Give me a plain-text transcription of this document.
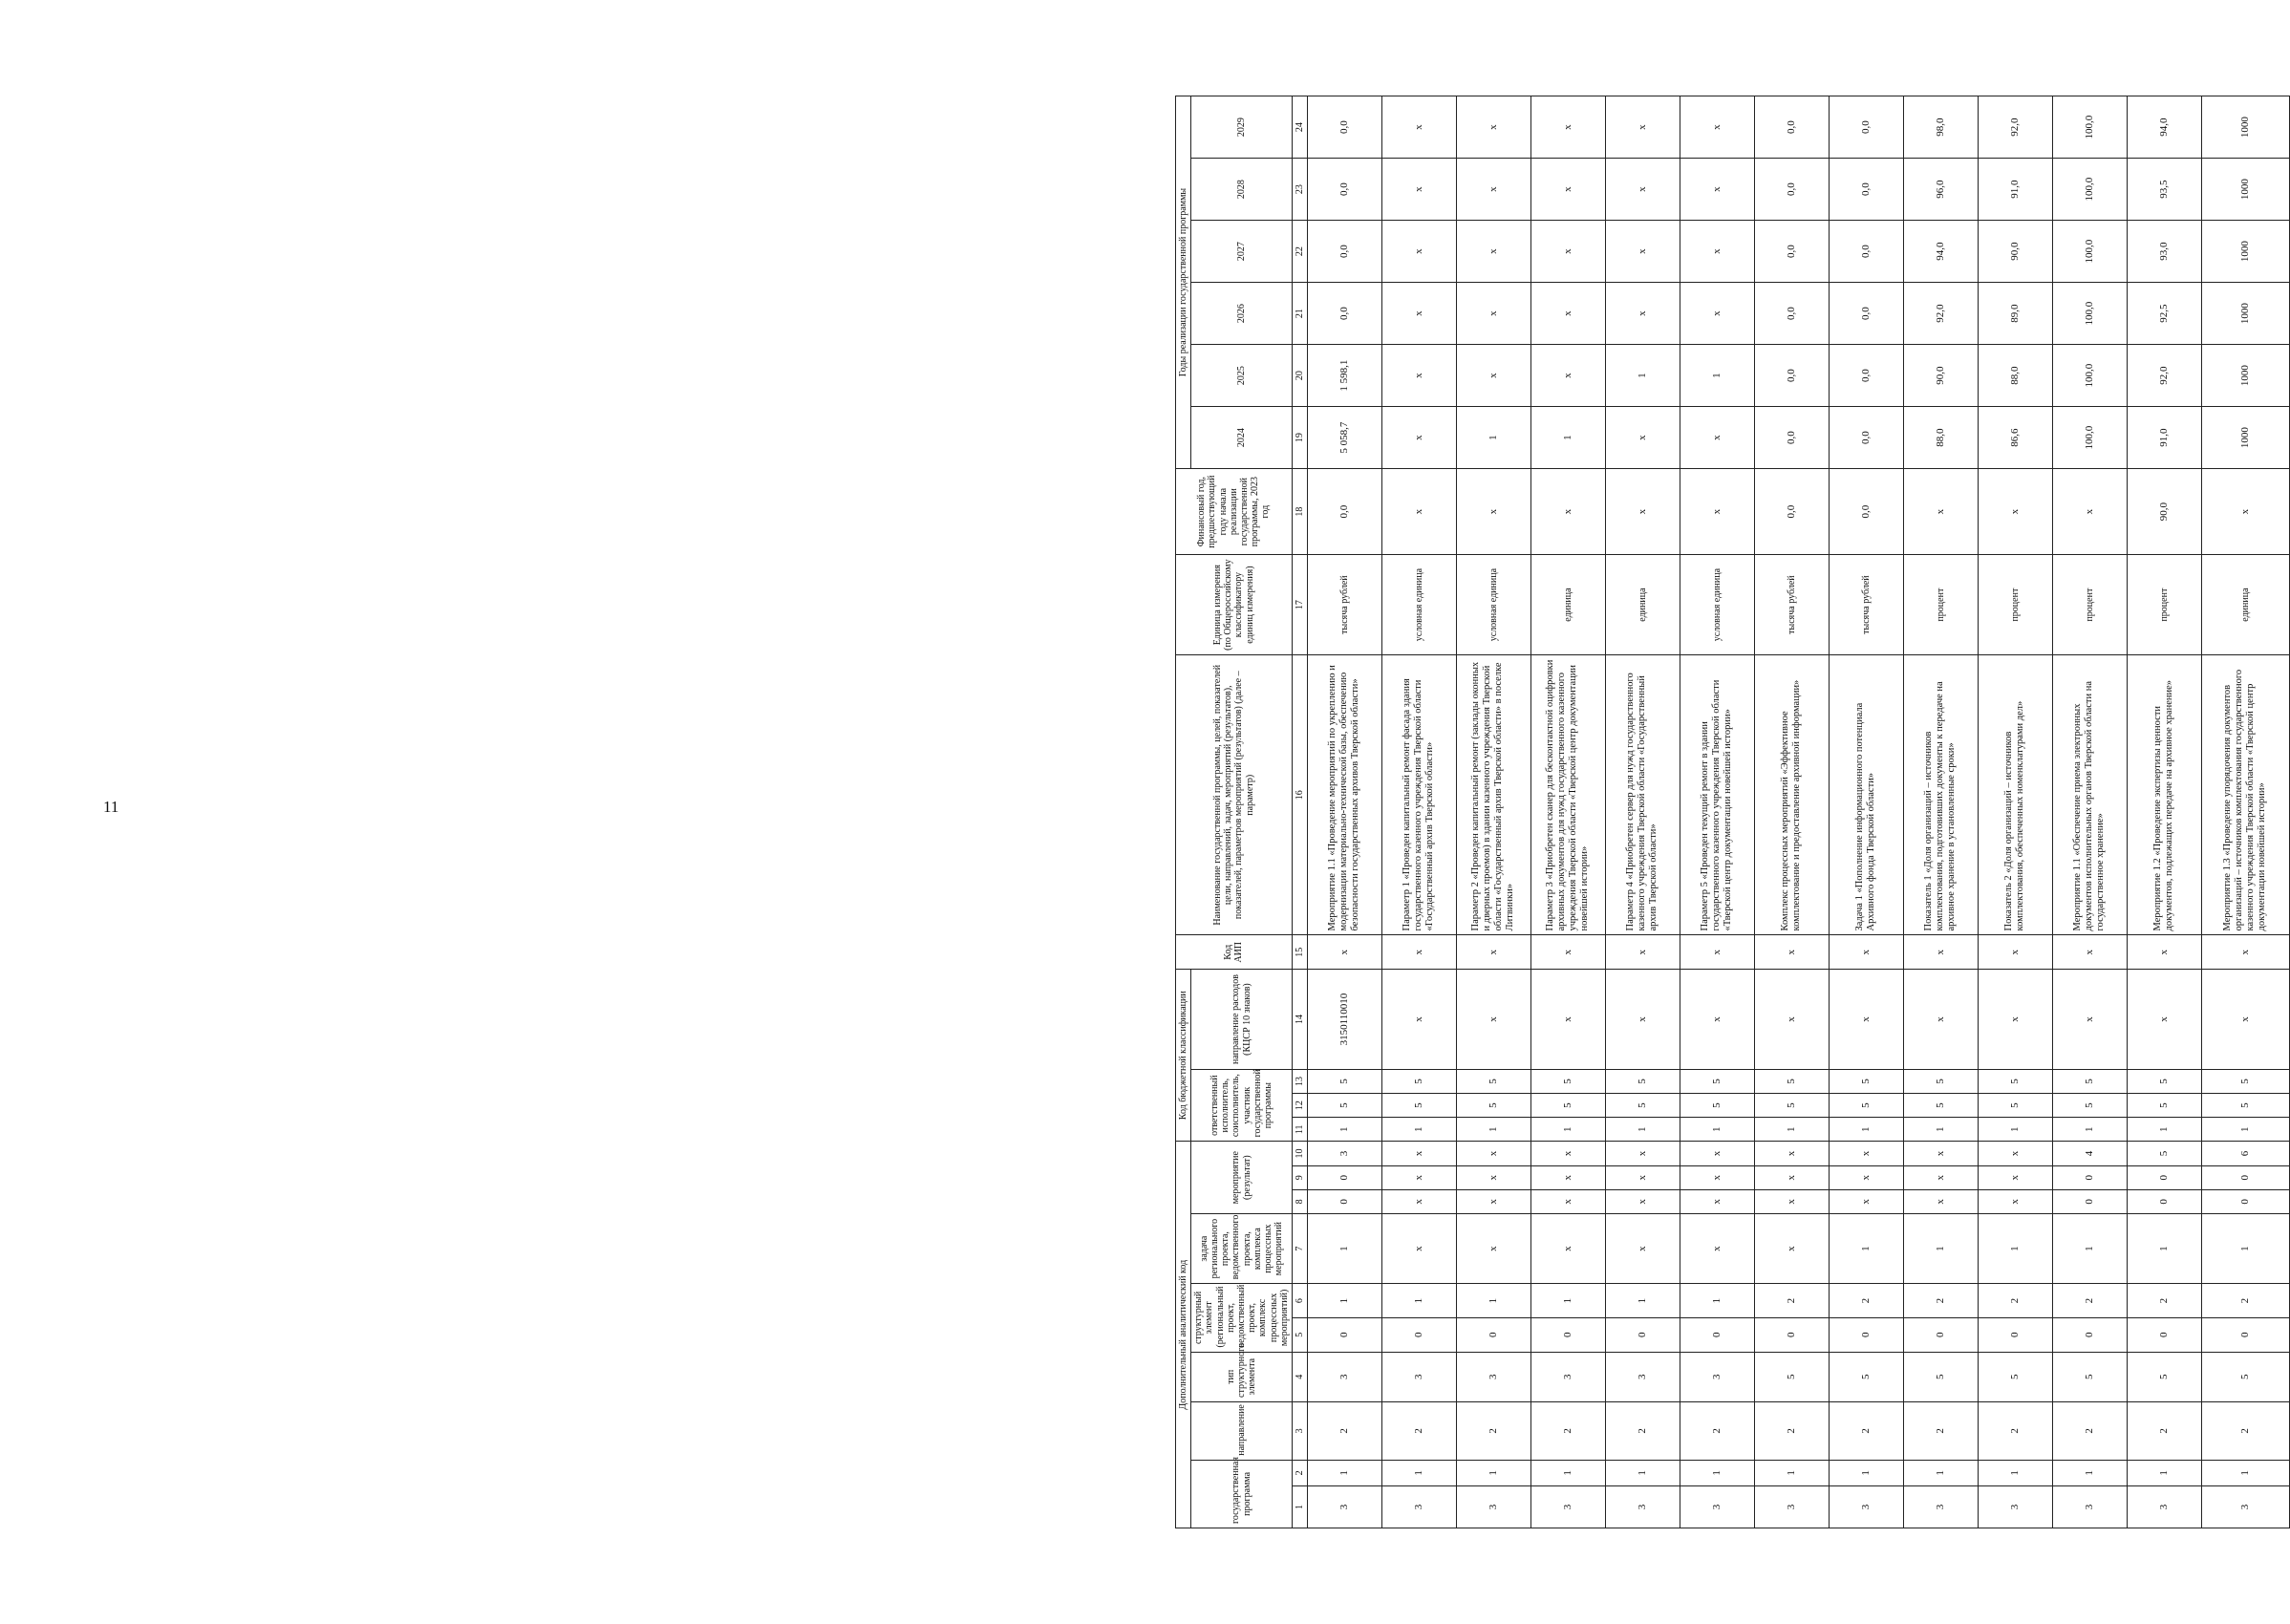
11
Дополнительный аналитический код										Код бюджетной классификации				Код АИП	Наименование государственной программы, целей, показателей цели, направлений, задач, мероприятий (результатов), показателей, параметров мероприятий (результатов) (далее – параметр)	Единица измерения (по Общероссийскому классификатору единиц измерения)	Финансовый год, предшествующий году начала реализации государственной программы, 2023 год	Годы реализации государственной программы					
государственная программа		направление	тип структурного элемента	структурный элемент (региональный проект, ведомственный проект, комплекс процессных мероприятий)		задача регионального проекта, ведомственного проекта, комплекса процессных мероприятий	мероприятие (результат)			ответственный исполнитель, соисполнитель, участник государственной программы			направление расходов (КЦСР 10 знаков)					2024	2025	2026	2027	2028	2029
1	2	3	4	5	6	7	8	9	10	11	12	13	14	15	16	17	18	19	20	21	22	23	24
3	1	2	3	0	1	1	0	0	3	1	5	5	3150110010	х	Мероприятие 1.1 «Проведение мероприятий по укреплению и модернизации материально-технической базы, обеспечению безопасности государственных архивов Тверской области»	тысяча рублей	0,0	5 058,7	1 598,1	0,0	0,0	0,0	0,0
3	1	2	3	0	1	х	х	х	х	1	5	5	х	х	Параметр 1 «Проведен капитальный ремонт фасада здания государственного казенного учреждения Тверской области «Государственный архив Тверской области»	условная единица	х	х	х	х	х	х	х
3	1	2	3	0	1	х	х	х	х	1	5	5	х	х	Параметр 2 «Проведен капитальный ремонт (заклады оконных и дверных проемов) в здании казенного учреждения Тверской области «Государственный архив Тверской области» в поселке Литвинки»	условная единица	х	1	х	х	х	х	х
3	1	2	3	0	1	х	х	х	х	1	5	5	х	х	Параметр 3 «Приобретен сканер для бесконтактной оцифровки архивных документов для нужд государственного казенного учреждения Тверской области «Тверской центр документации новейшей истории»	единица	х	1	х	х	х	х	х
3	1	2	3	0	1	х	х	х	х	1	5	5	х	х	Параметр 4 «Приобретен сервер для нужд государственного казенного учреждения Тверской области «Государственный архив Тверской области»	единица	х	х	1	х	х	х	х
3	1	2	3	0	1	х	х	х	х	1	5	5	х	х	Параметр 5 «Проведен текущий ремонт в здании государственного казенного учреждения Тверской области «Тверской центр документации новейшей истории»	условная единица	х	х	1	х	х	х	х
3	1	2	5	0	2	х	х	х	х	1	5	5	х	х	Комплекс процессных мероприятий «Эффективное комплектование и предоставление архивной информации»	тысяча рублей	0,0	0,0	0,0	0,0	0,0	0,0	0,0
3	1	2	5	0	2	1	х	х	х	1	5	5	х	х	Задача 1 «Пополнение информационного потенциала Архивного фонда Тверской области»	тысяча рублей	0,0	0,0	0,0	0,0	0,0	0,0	0,0
3	1	2	5	0	2	1	х	х	х	1	5	5	х	х	Показатель 1 «Доля организаций – источников комплектования, подготовивших документы к передаче на архивное хранение в установленные сроки»	процент	х	88,0	90,0	92,0	94,0	96,0	98,0
3	1	2	5	0	2	1	х	х	х	1	5	5	х	х	Показатель 2 «Доля организаций – источников комплектования, обеспеченных номенклатурами дел»	процент	х	86,6	88,0	89,0	90,0	91,0	92,0
3	1	2	5	0	2	1	0	0	4	1	5	5	х	х	Мероприятие 1.1 «Обеспечение приема электронных документов исполнительных органов Тверской области на государственное хранение»	процент	х	100,0	100,0	100,0	100,0	100,0	100,0
3	1	2	5	0	2	1	0	0	5	1	5	5	х	х	Мероприятие 1.2 «Проведение экспертизы ценности документов, подлежащих передаче на архивное хранение»	процент	90,0	91,0	92,0	92,5	93,0	93,5	94,0
3	1	2	5	0	2	1	0	0	6	1	5	5	х	х	Мероприятие 1.3 «Проведение упорядочения документов организаций – источников комплектования государственного казенного учреждения Тверской области «Тверской центр документации новейшей истории»	единица	х	1000	1000	1000	1000	1000	1000
